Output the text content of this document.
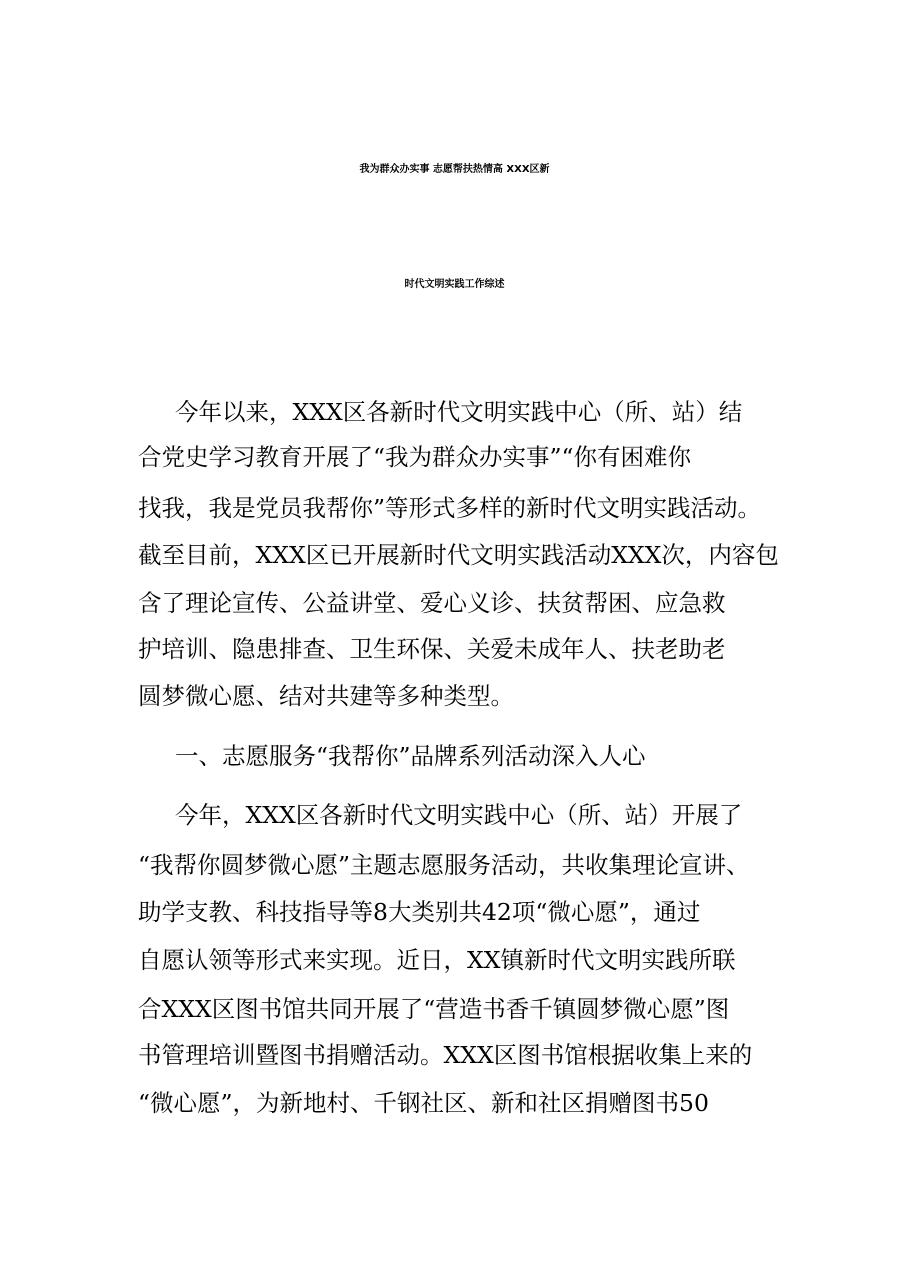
我为群众办实事 志愿帮扶热情高 XXX区新
时代文明实践工作综述
今年以来，XXX区各新时代文明实践中心（所、站）结
合党史学习教育开展了“我为群众办实事”“你有困难你
找我，我是党员我帮你”等形式多样的新时代文明实践活动。
截至目前，XXX区已开展新时代文明实践活动XXX次，内容包
含了理论宣传、公益讲堂、爱心义诊、扶贫帮困、应急救
护培训、隐患排查、卫生环保、关爱未成年人、扶老助老
圆梦微心愿、结对共建等多种类型。
一、志愿服务“我帮你”品牌系列活动深入人心
今年，XXX区各新时代文明实践中心（所、站）开展了
“我帮你圆梦微心愿”主题志愿服务活动，共收集理论宣讲、
助学支教、科技指导等8大类别共42项“微心愿”，通过
自愿认领等形式来实现。近日，XX镇新时代文明实践所联
合XXX区图书馆共同开展了“营造书香千镇圆梦微心愿”图
书管理培训暨图书捐赠活动。XXX区图书馆根据收集上来的
“微心愿”，为新地村、千钢社区、新和社区捐赠图书50
